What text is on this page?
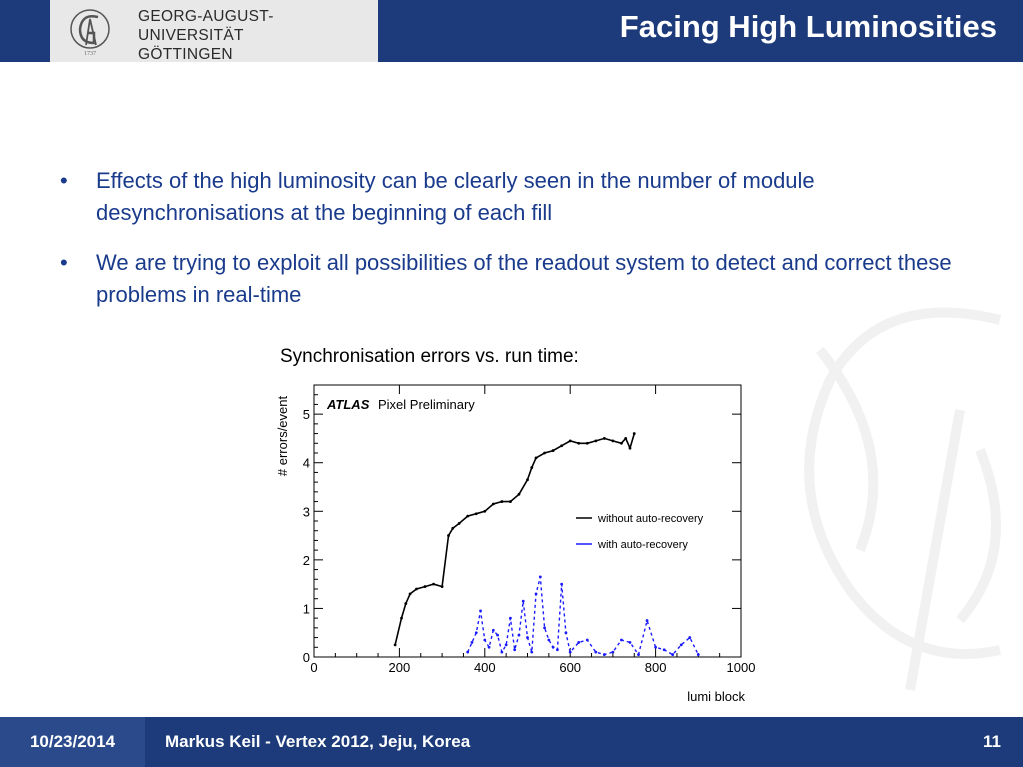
1737
GEORG-AUGUST-UNIVERSITÄT
GÖTTINGEN
Facing High Luminosities
• Effects of the high luminosity can be clearly seen in the number of module desynchronisations at the beginning of each fill
• We are trying to exploit all possibilities of the readout system to detect and correct these problems in real-time
Synchronisation errors vs. run time:
0	200	400	600	800	1000
0
1
2
3
4
5
ATLAS Pixel Preliminary
without auto-recovery
with auto-recovery
lumi block
# errors/event
10/23/2014	Markus Keil - Vertex 2012, Jeju, Korea	11
